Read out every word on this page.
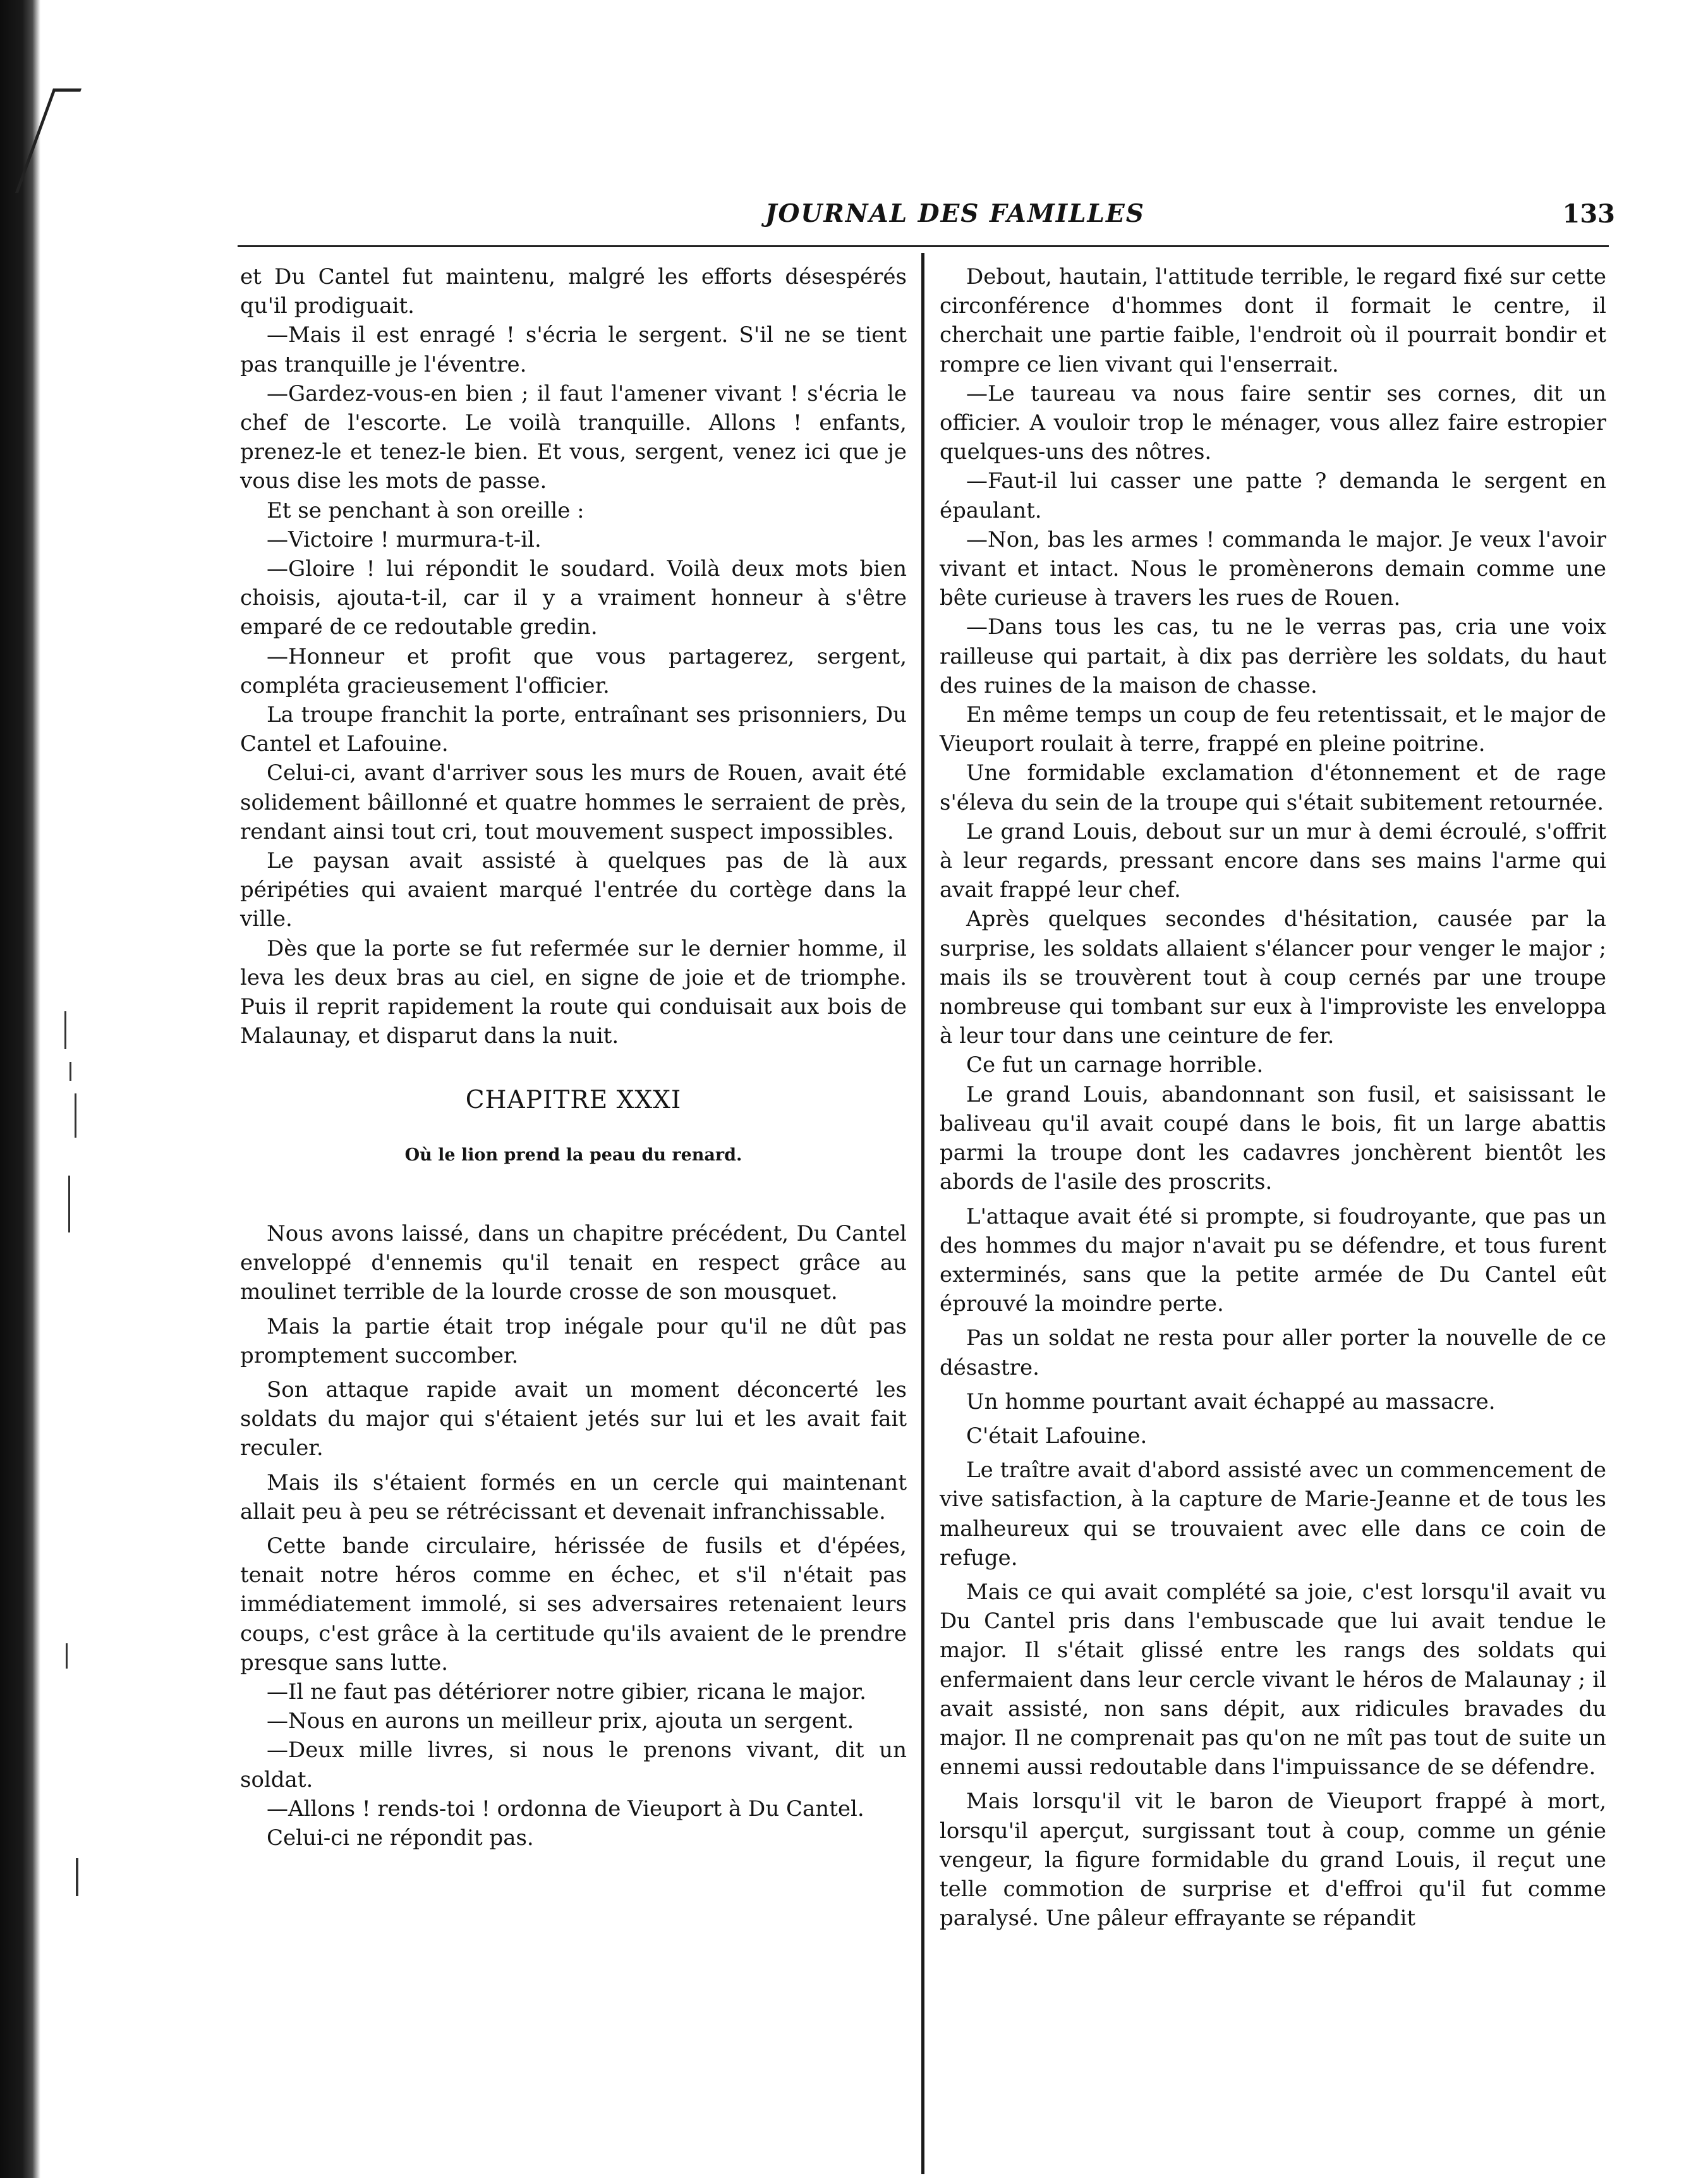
JOURNAL DES FAMILLES	133

et Du Cantel fut maintenu, malgré les efforts désespérés qu'il prodiguait.

—Mais il est enragé ! s'écria le sergent. S'il ne se tient pas tranquille je l'éventre.

—Gardez-vous-en bien ; il faut l'amener vivant ! s'écria le chef de l'escorte. Le voilà tranquille. Allons ! enfants, prenez-le et tenez-le bien. Et vous, sergent, venez ici que je vous dise les mots de passe.

Et se penchant à son oreille :

—Victoire ! murmura-t-il.

—Gloire ! lui répondit le soudard. Voilà deux mots bien choisis, ajouta-t-il, car il y a vraiment honneur à s'être emparé de ce redoutable gredin.

—Honneur et profit que vous partagerez, sergent, compléta gracieusement l'officier.

La troupe franchit la porte, entraînant ses prisonniers, Du Cantel et Lafouine.

Celui-ci, avant d'arriver sous les murs de Rouen, avait été solidement bâillonné et quatre hommes le serraient de près, rendant ainsi tout cri, tout mouvement suspect impossibles.

Le paysan avait assisté à quelques pas de là aux péripéties qui avaient marqué l'entrée du cortège dans la ville.

Dès que la porte se fut refermée sur le dernier homme, il leva les deux bras au ciel, en signe de joie et de triomphe. Puis il reprit rapidement la route qui conduisait aux bois de Malaunay, et disparut dans la nuit.

CHAPITRE XXXI

Où le lion prend la peau du renard.

Nous avons laissé, dans un chapitre précédent, Du Cantel enveloppé d'ennemis qu'il tenait en respect grâce au moulinet terrible de la lourde crosse de son mousquet.

Mais la partie était trop inégale pour qu'il ne dût pas promptement succomber.

Son attaque rapide avait un moment déconcerté les soldats du major qui s'étaient jetés sur lui et les avait fait reculer.

Mais ils s'étaient formés en un cercle qui maintenant allait peu à peu se rétrécissant et devenait infranchissable.

Cette bande circulaire, hérissée de fusils et d'épées, tenait notre héros comme en échec, et s'il n'était pas immédiatement immolé, si ses adversaires retenaient leurs coups, c'est grâce à la certitude qu'ils avaient de le prendre presque sans lutte.

—Il ne faut pas détériorer notre gibier, ricana le major.

—Nous en aurons un meilleur prix, ajouta un sergent.

—Deux mille livres, si nous le prenons vivant, dit un soldat.

—Allons ! rends-toi ! ordonna de Vieuport à Du Cantel.

Celui-ci ne répondit pas.

Debout, hautain, l'attitude terrible, le regard fixé sur cette circonférence d'hommes dont il formait le centre, il cherchait une partie faible, l'endroit où il pourrait bondir et rompre ce lien vivant qui l'enserrait.

—Le taureau va nous faire sentir ses cornes, dit un officier. A vouloir trop le ménager, vous allez faire estropier quelques-uns des nôtres.

—Faut-il lui casser une patte ? demanda le sergent en épaulant.

—Non, bas les armes ! commanda le major. Je veux l'avoir vivant et intact. Nous le promènerons demain comme une bête curieuse à travers les rues de Rouen.

—Dans tous les cas, tu ne le verras pas, cria une voix railleuse qui partait, à dix pas derrière les soldats, du haut des ruines de la maison de chasse.

En même temps un coup de feu retentissait, et le major de Vieuport roulait à terre, frappé en pleine poitrine.

Une formidable exclamation d'étonnement et de rage s'éleva du sein de la troupe qui s'était subitement retournée.

Le grand Louis, debout sur un mur à demi écroulé, s'offrit à leur regards, pressant encore dans ses mains l'arme qui avait frappé leur chef.

Après quelques secondes d'hésitation, causée par la surprise, les soldats allaient s'élancer pour venger le major ; mais ils se trouvèrent tout à coup cernés par une troupe nombreuse qui tombant sur eux à l'improviste les enveloppa à leur tour dans une ceinture de fer.

Ce fut un carnage horrible.

Le grand Louis, abandonnant son fusil, et saisissant le baliveau qu'il avait coupé dans le bois, fit un large abattis parmi la troupe dont les cadavres jonchèrent bientôt les abords de l'asile des proscrits.

L'attaque avait été si prompte, si foudroyante, que pas un des hommes du major n'avait pu se défendre, et tous furent exterminés, sans que la petite armée de Du Cantel eût éprouvé la moindre perte.

Pas un soldat ne resta pour aller porter la nouvelle de ce désastre.

Un homme pourtant avait échappé au massacre.

C'était Lafouine.

Le traître avait d'abord assisté avec un commencement de vive satisfaction, à la capture de Marie-Jeanne et de tous les malheureux qui se trouvaient avec elle dans ce coin de refuge.

Mais ce qui avait complété sa joie, c'est lorsqu'il avait vu Du Cantel pris dans l'embuscade que lui avait tendue le major. Il s'était glissé entre les rangs des soldats qui enfermaient dans leur cercle vivant le héros de Malaunay ; il avait assisté, non sans dépit, aux ridicules bravades du major. Il ne comprenait pas qu'on ne mît pas tout de suite un ennemi aussi redoutable dans l'impuissance de se défendre.

Mais lorsqu'il vit le baron de Vieuport frappé à mort, lorsqu'il aperçut, surgissant tout à coup, comme un génie vengeur, la figure formidable du grand Louis, il reçut une telle commotion de surprise et d'effroi qu'il fut comme paralysé. Une pâleur effrayante se répandit
